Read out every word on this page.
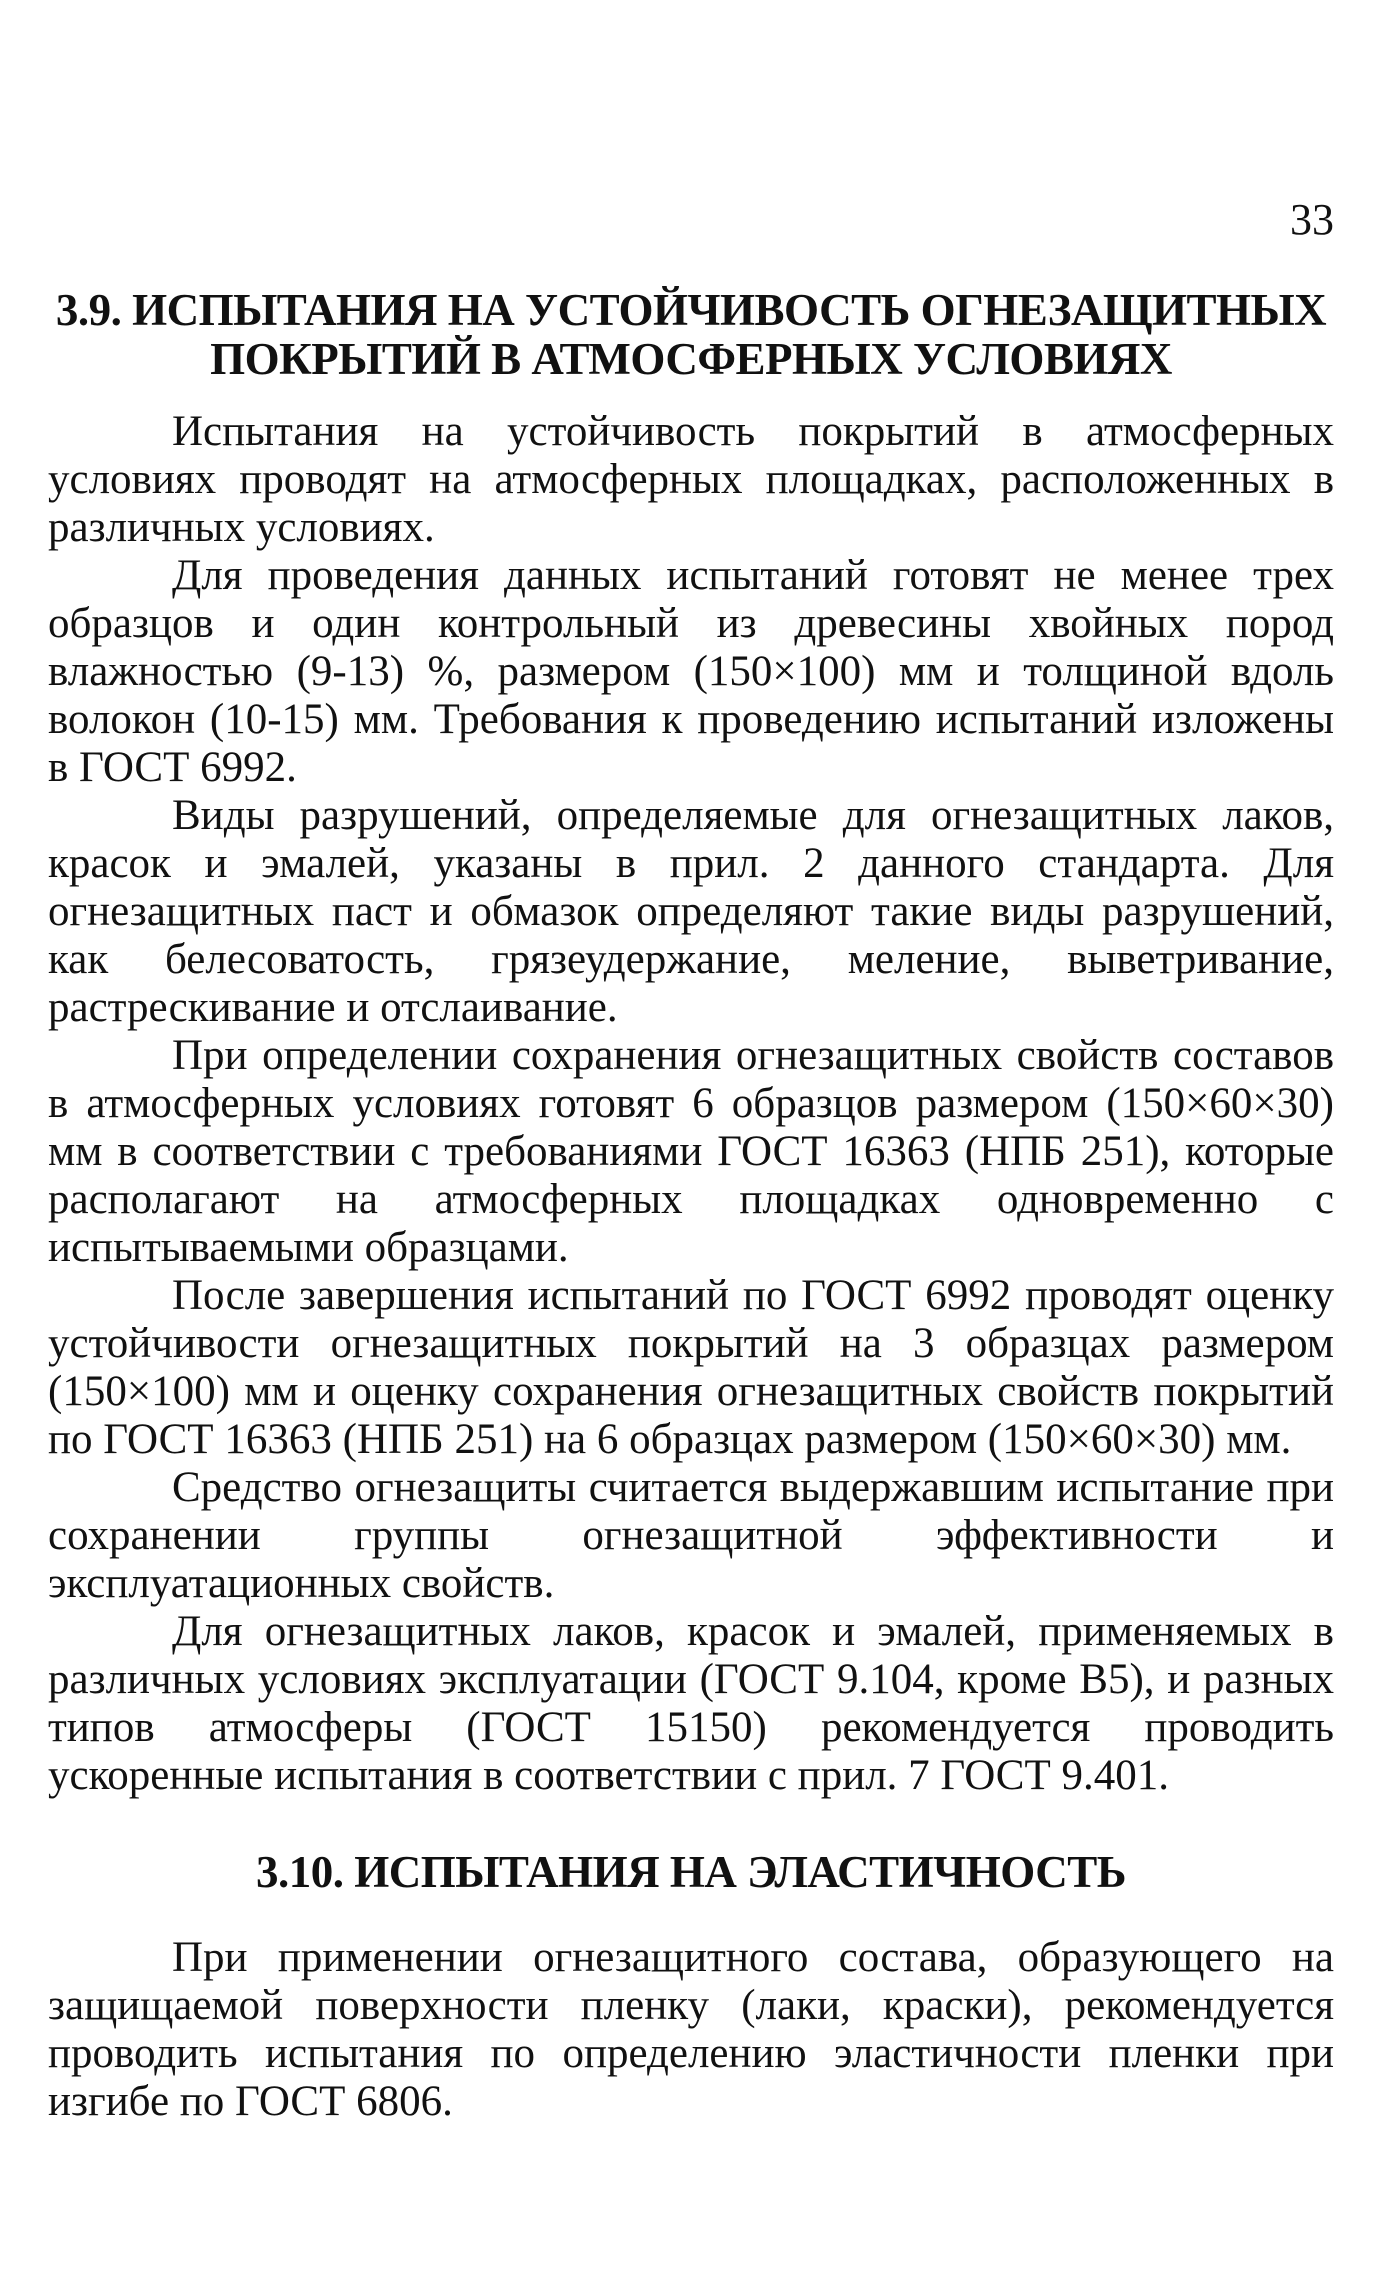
33
3.9. ИСПЫТАНИЯ НА УСТОЙЧИВОСТЬ ОГНЕЗАЩИТНЫХ
ПОКРЫТИЙ В АТМОСФЕРНЫХ УСЛОВИЯХ

Испытания на устойчивость покрытий в атмосферных условиях проводят на атмосферных площадках, расположенных в различных условиях.

Для проведения данных испытаний готовят не менее трех образцов и один контрольный из древесины хвойных пород влажностью (9-13) %, размером (150×100) мм и толщиной вдоль волокон (10-15) мм. Требования к проведению испытаний изложены в ГОСТ 6992.

Виды разрушений, определяемые для огнезащитных лаков, красок и эмалей, указаны в прил. 2 данного стандарта. Для огнезащитных паст и обмазок определяют такие виды разрушений, как белесоватость, грязеудержание, меление, выветривание, растрескивание и отслаивание.

При определении сохранения огнезащитных свойств составов в атмосферных условиях готовят 6 образцов размером (150×60×30) мм в соответствии с требованиями ГОСТ 16363 (НПБ 251), которые располагают на атмосферных площадках одновременно с испытываемыми образцами.

После завершения испытаний по ГОСТ 6992 проводят оценку устойчивости огнезащитных покрытий на 3 образцах размером (150×100) мм и оценку сохранения огнезащитных свойств покрытий по ГОСТ 16363 (НПБ 251) на 6 образцах размером (150×60×30) мм.

Средство огнезащиты считается выдержавшим испытание при сохранении группы огнезащитной эффективности и эксплуатационных свойств.

Для огнезащитных лаков, красок и эмалей, применяемых в различных условиях эксплуатации (ГОСТ 9.104, кроме В5), и разных типов атмосферы (ГОСТ 15150) рекомендуется проводить ускоренные испытания в соответствии с прил. 7 ГОСТ 9.401.

3.10. ИСПЫТАНИЯ НА ЭЛАСТИЧНОСТЬ

При применении огнезащитного состава, образующего на защищаемой поверхности пленку (лаки, краски), рекомендуется проводить испытания по определению эластичности пленки при изгибе по ГОСТ 6806.
